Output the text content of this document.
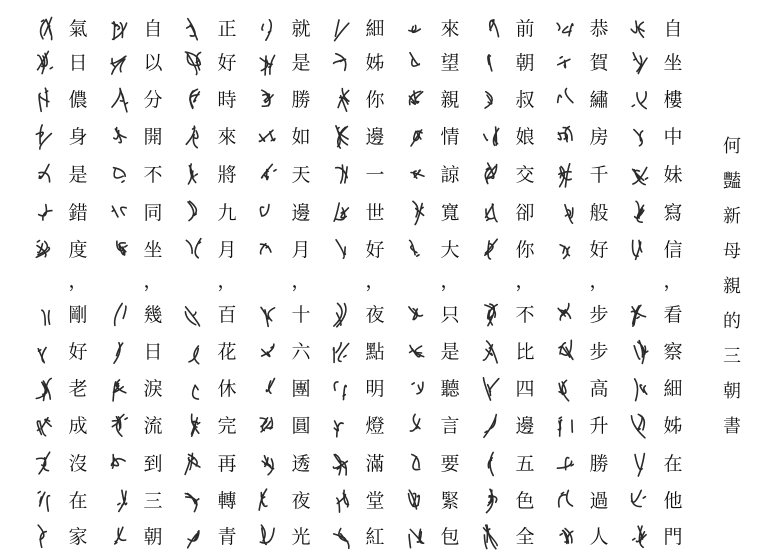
自
坐
樓
中
妹
寫
信
，
看
察
細
姊
在
他
門
恭
賀
繡
房
千
般
好
，
步
步
高
升
勝
過
人
前
朝
叔
娘
交
卻
你
，
不
比
四
邊
五
色
全
來
望
親
情
諒
寬
大
，
只
是
聽
言
要
緊
包
細
姊
你
邊
一
世
好
，
夜
點
明
燈
滿
堂
紅
就
是
勝
如
天
邊
月
，
十
六
團
圓
透
夜
光
正
好
時
來
將
九
月
，
百
花
休
完
再
轉
青
自
以
分
開
不
同
坐
，
幾
日
淚
流
到
三
朝
氣
日
儂
身
是
錯
度
，
剛
好
老
成
沒
在
家
何
豔
新
母
親
的
三
朝
書
